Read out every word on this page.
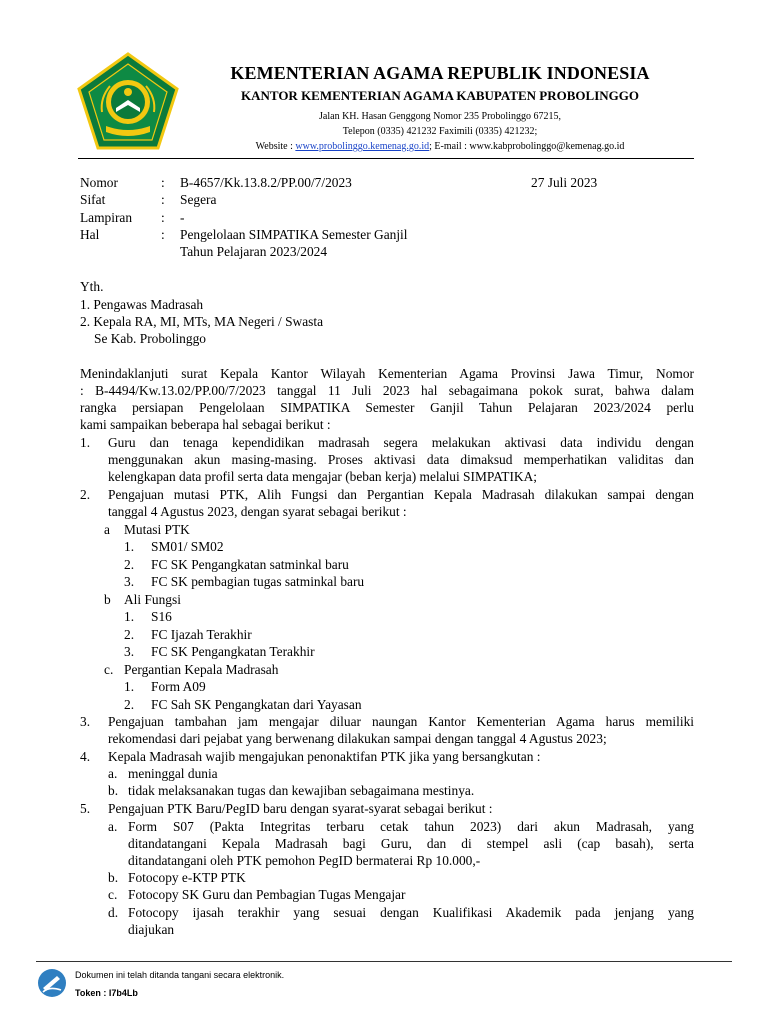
KEMENTERIAN AGAMA REPUBLIK INDONESIA
KANTOR KEMENTERIAN AGAMA KABUPATEN PROBOLINGGO
Jalan KH. Hasan Genggong Nomor 235 Probolinggo 67215,
Telepon (0335) 421232 Faximili (0335) 421232;
Website : www.probolinggo.kemenag.go.id; E-mail : www.kabprobolinggo@kemenag.go.id
Nomor	: B-4657/Kk.13.8.2/PP.00/7/2023	27 Juli 2023
Sifat	: Segera
Lampiran : -
Hal	: Pengelolaan SIMPATIKA Semester Ganjil
Tahun Pelajaran 2023/2024
Yth.
1. Pengawas Madrasah
2. Kepala RA, MI, MTs, MA Negeri / Swasta
Se Kab. Probolinggo
Menindaklanjuti surat Kepala Kantor Wilayah Kementerian Agama Provinsi Jawa Timur, Nomor
: B-4494/Kw.13.02/PP.00/7/2023 tanggal 11 Juli 2023 hal sebagaimana pokok surat, bahwa dalam
rangka persiapan Pengelolaan SIMPATIKA Semester Ganjil Tahun Pelajaran 2023/2024 perlu
kami sampaikan beberapa hal sebagai berikut :
1. Guru dan tenaga kependidikan madrasah segera melakukan aktivasi data individu dengan
menggunakan akun masing-masing. Proses aktivasi data dimaksud memperhatikan validitas dan
kelengkapan data profil serta data mengajar (beban kerja) melalui SIMPATIKA;
2. Pengajuan mutasi PTK, Alih Fungsi dan Pergantian Kepala Madrasah dilakukan sampai dengan
tanggal 4 Agustus 2023, dengan syarat sebagai berikut :
a Mutasi PTK
1. SM01/ SM02
2. FC SK Pengangkatan satminkal baru
3. FC SK pembagian tugas satminkal baru
b Ali Fungsi
1. S16
2. FC Ijazah Terakhir
3. FC SK Pengangkatan Terakhir
c. Pergantian Kepala Madrasah
1. Form A09
2. FC Sah SK Pengangkatan dari Yayasan
3. Pengajuan tambahan jam mengajar diluar naungan Kantor Kementerian Agama harus memiliki
rekomendasi dari pejabat yang berwenang dilakukan sampai dengan tanggal 4 Agustus 2023;
4. Kepala Madrasah wajib mengajukan penonaktifan PTK jika yang bersangkutan :
a. meninggal dunia
b. tidak melaksanakan tugas dan kewajiban sebagaimana mestinya.
5. Pengajuan PTK Baru/PegID baru dengan syarat-syarat sebagai berikut :
a. Form S07 (Pakta Integritas terbaru cetak tahun 2023) dari akun Madrasah, yang
ditandatangani Kepala Madrasah bagi Guru, dan di stempel asli (cap basah), serta
ditandatangani oleh PTK pemohon PegID bermaterai Rp 10.000,-
b. Fotocopy e-KTP PTK
c. Fotocopy SK Guru dan Pembagian Tugas Mengajar
d. Fotocopy ijasah terakhir yang sesuai dengan Kualifikasi Akademik pada jenjang yang
diajukan
Dokumen ini telah ditanda tangani secara elektronik.
Token : I7b4Lb
